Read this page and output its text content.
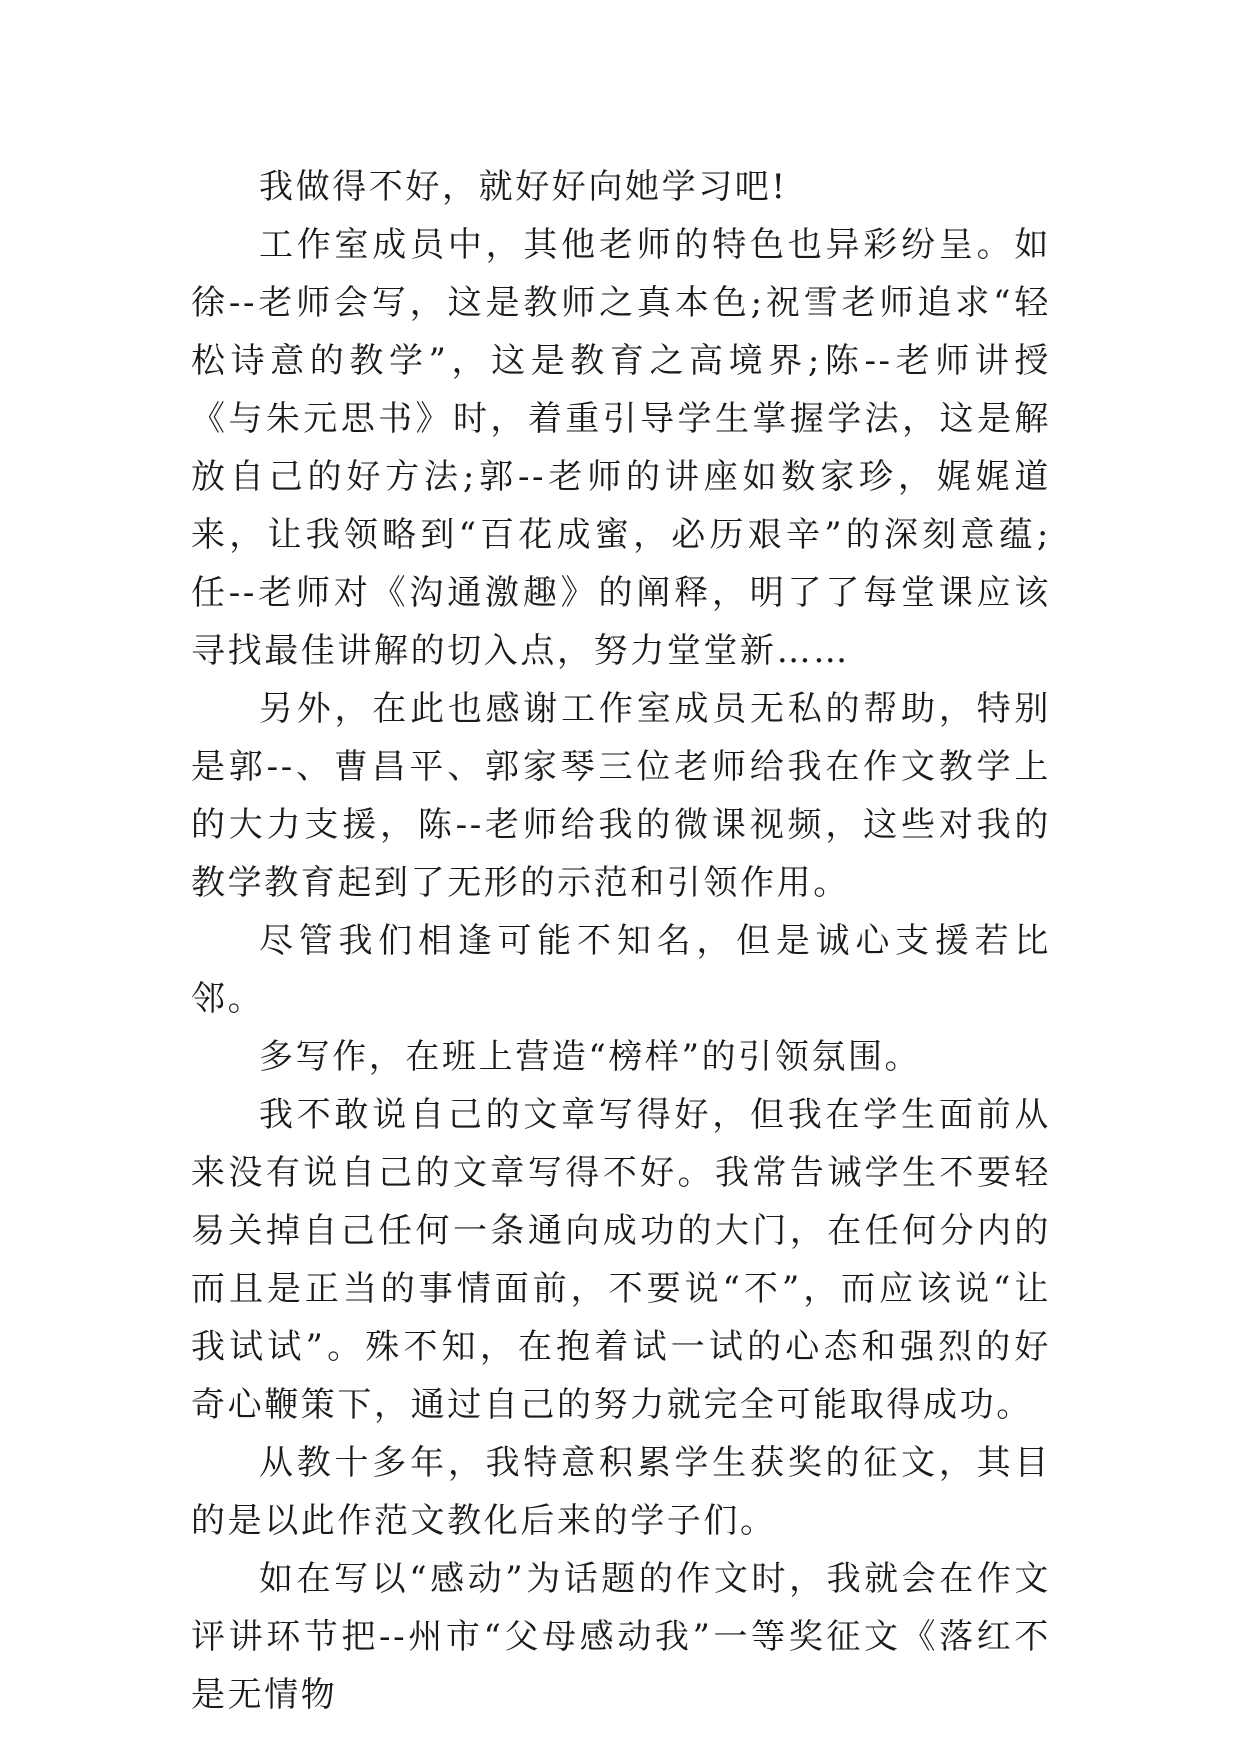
我做得不好，就好好向她学习吧!

工作室成员中，其他老师的特色也异彩纷呈。如徐--老师会写，这是教师之真本色;祝雪老师追求“轻松诗意的教学”，这是教育之高境界;陈--老师讲授《与朱元思书》时，着重引导学生掌握学法，这是解放自己的好方法;郭--老师的讲座如数家珍，娓娓道来，让我领略到“百花成蜜，必历艰辛”的深刻意蕴;任--老师对《沟通激趣》的阐释，明了了每堂课应该寻找最佳讲解的切入点，努力堂堂新……

另外，在此也感谢工作室成员无私的帮助，特别是郭--、曹昌平、郭家琴三位老师给我在作文教学上的大力支援，陈--老师给我的微课视频，这些对我的教学教育起到了无形的示范和引领作用。

尽管我们相逢可能不知名，但是诚心支援若比邻。

多写作，在班上营造“榜样”的引领氛围。

我不敢说自己的文章写得好，但我在学生面前从来没有说自己的文章写得不好。我常告诫学生不要轻易关掉自己任何一条通向成功的大门，在任何分内的而且是正当的事情面前，不要说“不”，而应该说“让我试试”。殊不知，在抱着试一试的心态和强烈的好奇心鞭策下，通过自己的努力就完全可能取得成功。

从教十多年，我特意积累学生获奖的征文，其目的是以此作范文教化后来的学子们。

如在写以“感动”为话题的作文时，我就会在作文评讲环节把--州市“父母感动我”一等奖征文《落红不是无情物
